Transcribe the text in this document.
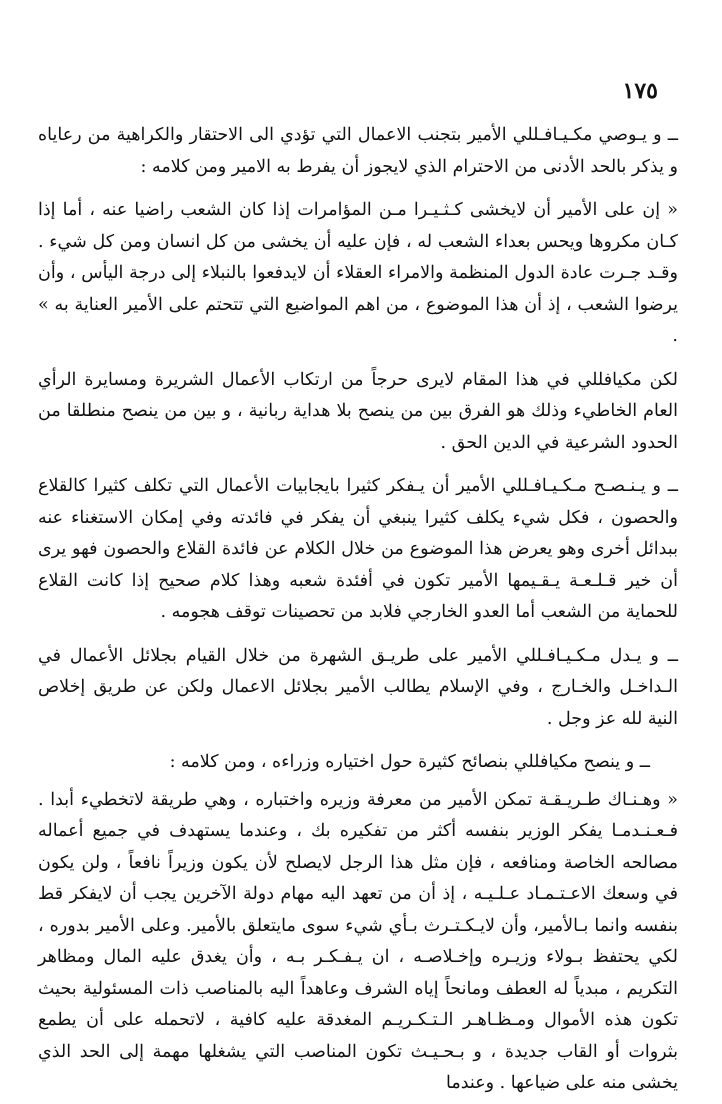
١٧٥

ــ و يـوصي مكـيـافـللي الأمير بتجنب الاعمال التي تؤدي الى الاحتقار والكراهية من رعاياه و يذكر بالحد الأدنى من الاحترام الذي لايجوز أن يفرط به الامير ومن كلامه :

« إن على الأمير أن لايخشى كـثـيـرا مـن المؤامرات إذا كان الشعب راضيا عنه ، أما إذا كـان مكروها ويحس بعداء الشعب له ، فإن عليه أن يخشى من كل انسان ومن كل شيء . وقـد جـرت عادة الدول المنظمة والامراء العقلاء أن لايدفعوا بالنبلاء إلى درجة اليأس ، وأن يرضوا الشعب ، إذ أن هذا الموضوع ، من اهم المواضيع التي تتحتم على الأمير العناية به » .

لكن مكيافللي في هذا المقام لايرى حرجاً من ارتكاب الأعمال الشريرة ومسايرة الرأي العام الخاطيء وذلك هو الفرق بين من ينصح بلا هداية ربانية ، و بين من ينصح منطلقا من الحدود الشرعية في الدين الحق .

ــ و يـنـصـح مـكـيـافـللي الأمير أن يـفكر كثيرا بايجابيات الأعمال التي تكلف كثيرا كالقلاع والحصون ، فكل شيء يكلف كثيرا ينبغي أن يفكر في فائدته وفي إمكان الاستغناء عنه ببدائل أخرى وهو يعرض هذا الموضوع من خلال الكلام عن فائدة القلاع والحصون فهو يرى أن خير قـلـعـة يـقـيمها الأمير تكون في أفئدة شعبه وهذا كلام صحيح إذا كانت القلاع للحماية من الشعب أما العدو الخارجي فلابد من تحصينات توقف هجومه .

ــ و يـدل مـكـيـافـللي الأمير على طريـق الشهرة من خلال القيام بجلائل الأعمال في الـداخـل والخـارج ، وفي الإسلام يطالب الأمير بجلائل الاعمال ولكن عن طريق إخلاص النية لله عز وجل .

ــ و ينصح مكيافللي بنصائح كثيرة حول اختياره وزراءه ، ومن كلامه :

« وهـنـاك طـريـقـة تمكن الأمير من معرفة وزيره واختباره ، وهي طريقة لاتخطيء أبدا . فـعـنـدمـا يفكر الوزير بنفسه أكثر من تفكيره بك ، وعندما يستهدف في جميع أعماله مصالحه الخاصة ومنافعه ، فإن مثل هذا الرجل لايصلح لأن يكون وزيراً نافعاً ، ولن يكون في وسعك الاعـتـمـاد عـلـيـه ، إذ أن من تعهد اليه مهام دولة الآخرين يجب أن لايفكر قط بنفسه وانما بـالأمير، وأن لايـكـتـرث بـأي شيء سوى مايتعلق بالأمير. وعلى الأمير بدوره ، لكي يحتفظ بـولاء وزيـره وإخـلاصـه ، ان يـفـكـر بـه ، وأن يغدق عليه المال ومظاهر التكريم ، مبدياً له العطف ومانحاً إياه الشرف وعاهداً اليه بالمناصب ذات المسئولية بحيث تكون هذه الأموال ومـظـاهـر الـتـكـريـم المغدقة عليه كافية ، لاتحمله على أن يطمع بثروات أو القاب جديدة ، و بـحـيـث تكون المناصب التي يشغلها مهمة إلى الحد الذي يخشى منه على ضياعها . وعندما
